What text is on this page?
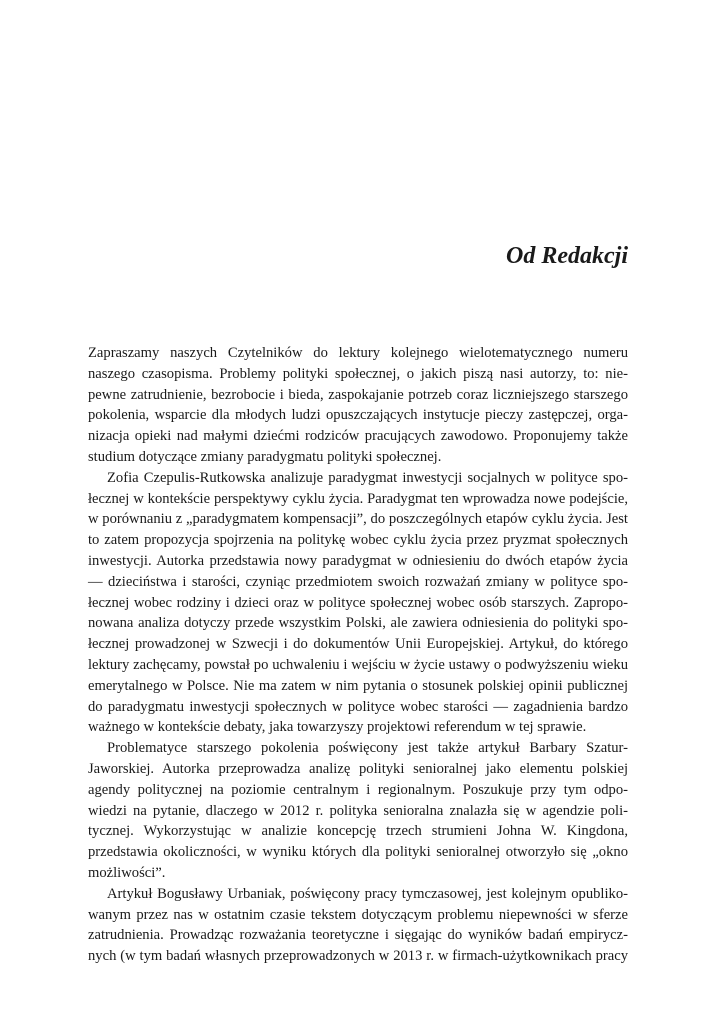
Od Redakcji

Zapraszamy naszych Czytelników do lektury kolejnego wielotematycznego numeru

naszego czasopisma. Problemy polityki społecznej, o jakich piszą nasi autorzy, to: nie-

pewne zatrudnienie, bezrobocie i bieda, zaspokajanie potrzeb coraz liczniejszego starszego

pokolenia, wsparcie dla młodych ludzi opuszczających instytucje pieczy zastępczej, orga-

nizacja opieki nad małymi dziećmi rodziców pracujących zawodowo. Proponujemy także

studium dotyczące zmiany paradygmatu polityki społecznej.

Zofia Czepulis-Rutkowska analizuje paradygmat inwestycji socjalnych w polityce spo-

łecznej w kontekście perspektywy cyklu życia. Paradygmat ten wprowadza nowe podejście,

w porównaniu z „paradygmatem kompensacji”, do poszczególnych etapów cyklu życia. Jest

to zatem propozycja spojrzenia na politykę wobec cyklu życia przez pryzmat społecznych

inwestycji. Autorka przedstawia nowy paradygmat w odniesieniu do dwóch etapów życia

— dzieciństwa i starości, czyniąc przedmiotem swoich rozważań zmiany w polityce spo-

łecznej wobec rodziny i dzieci oraz w polityce społecznej wobec osób starszych. Zapropo-

nowana analiza dotyczy przede wszystkim Polski, ale zawiera odniesienia do polityki spo-

łecznej prowadzonej w Szwecji i do dokumentów Unii Europejskiej. Artykuł, do którego

lektury zachęcamy, powstał po uchwaleniu i wejściu w życie ustawy o podwyższeniu wieku

emerytalnego w Polsce. Nie ma zatem w nim pytania o stosunek polskiej opinii publicznej

do paradygmatu inwestycji społecznych w polityce wobec starości — zagadnienia bardzo

ważnego w kontekście debaty, jaka towarzyszy projektowi referendum w tej sprawie.

Problematyce starszego pokolenia poświęcony jest także artykuł Barbary Szatur-

Jaworskiej. Autorka przeprowadza analizę polityki senioralnej jako elementu polskiej

agendy politycznej na poziomie centralnym i regionalnym. Poszukuje przy tym odpo-

wiedzi na pytanie, dlaczego w 2012 r. polityka senioralna znalazła się w agendzie poli-

tycznej. Wykorzystując w analizie koncepcję trzech strumieni Johna W. Kingdona,

przedstawia okoliczności, w wyniku których dla polityki senioralnej otworzyło się „okno

możliwości”.

Artykuł Bogusławy Urbaniak, poświęcony pracy tymczasowej, jest kolejnym opubliko-

wanym przez nas w ostatnim czasie tekstem dotyczącym problemu niepewności w sferze

zatrudnienia. Prowadząc rozważania teoretyczne i sięgając do wyników badań empirycz-

nych (w tym badań własnych przeprowadzonych w 2013 r. w firmach-użytkownikach pracy
